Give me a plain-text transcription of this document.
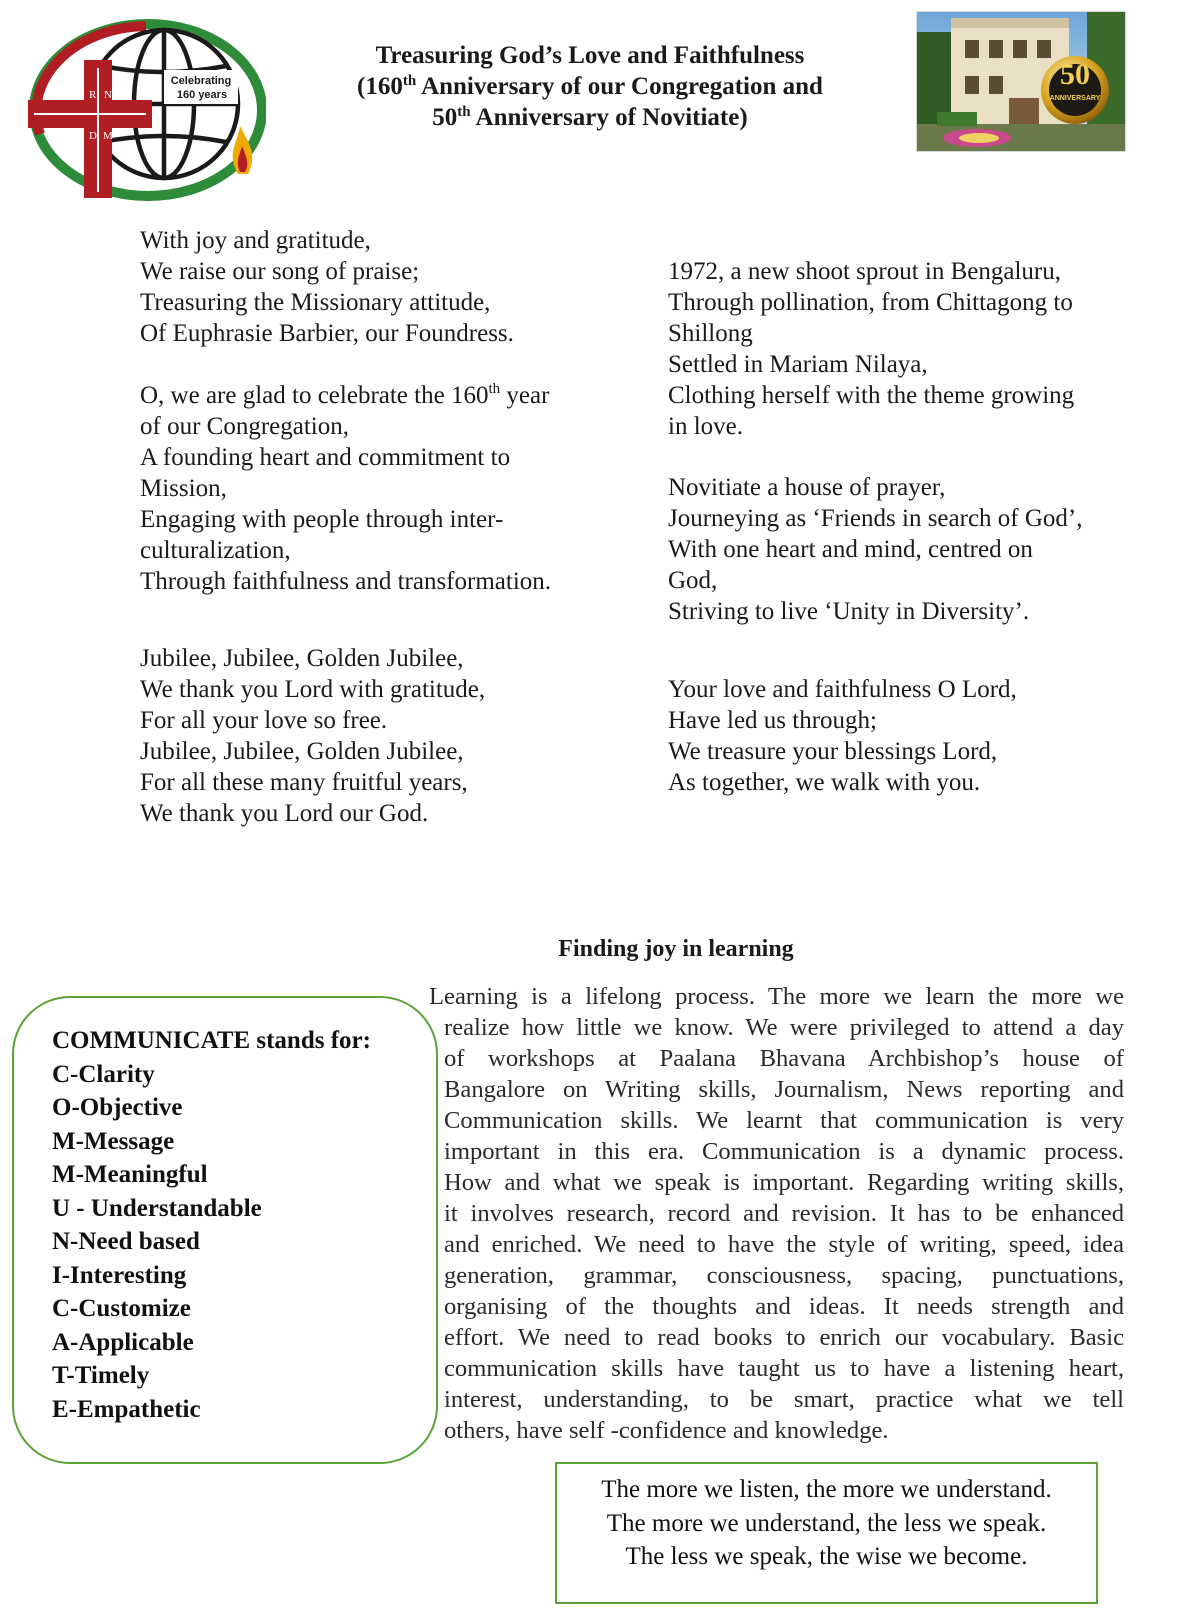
Celebrating
160 years
R N
D M
Treasuring God’s Love and Faithfulness
(160th Anniversary of our Congregation and
50th Anniversary of Novitiate)
50
ANNIVERSARY
With joy and gratitude,
We raise our song of praise;
Treasuring the Missionary attitude,
Of Euphrasie Barbier, our Foundress.
O, we are glad to celebrate the 160th year
of our Congregation,
A founding heart and commitment to
Mission,
Engaging with people through inter-
culturalization,
Through faithfulness and transformation.
Jubilee, Jubilee, Golden Jubilee,
We thank you Lord with gratitude,
For all your love so free.
Jubilee, Jubilee, Golden Jubilee,
For all these many fruitful years,
We thank you Lord our God.
1972, a new shoot sprout in Bengaluru,
Through pollination, from Chittagong to
Shillong
Settled in Mariam Nilaya,
Clothing herself with the theme growing
in love.
Novitiate a house of prayer,
Journeying as ‘Friends in search of God’,
With one heart and mind, centred on
God,
Striving to live ‘Unity in Diversity’.
Your love and faithfulness O Lord,
Have led us through;
We treasure your blessings Lord,
As together, we walk with you.
COMMUNICATE stands for:
C-Clarity
O-Objective
M-Message
M-Meaningful
U - Understandable
N-Need based
I-Interesting
C-Customize
A-Applicable
T-Timely
E-Empathetic
Finding joy in learning
Learning is a lifelong process. The more we learn the more we
realize how little we know. We were privileged to attend a day
of workshops at Paalana Bhavana Archbishop’s house of
Bangalore on Writing skills, Journalism, News reporting and
Communication skills. We learnt that communication is very
important in this era. Communication is a dynamic process.
How and what we speak is important. Regarding writing skills,
it involves research, record and revision. It has to be enhanced
and enriched. We need to have the style of writing, speed, idea
generation, grammar, consciousness, spacing, punctuations,
organising of the thoughts and ideas. It needs strength and
effort. We need to read books to enrich our vocabulary. Basic
communication skills have taught us to have a listening heart,
interest, understanding, to be smart, practice what we tell
others, have self -confidence and knowledge.
The more we listen, the more we understand.
The more we understand, the less we speak.
The less we speak, the wise we become.
